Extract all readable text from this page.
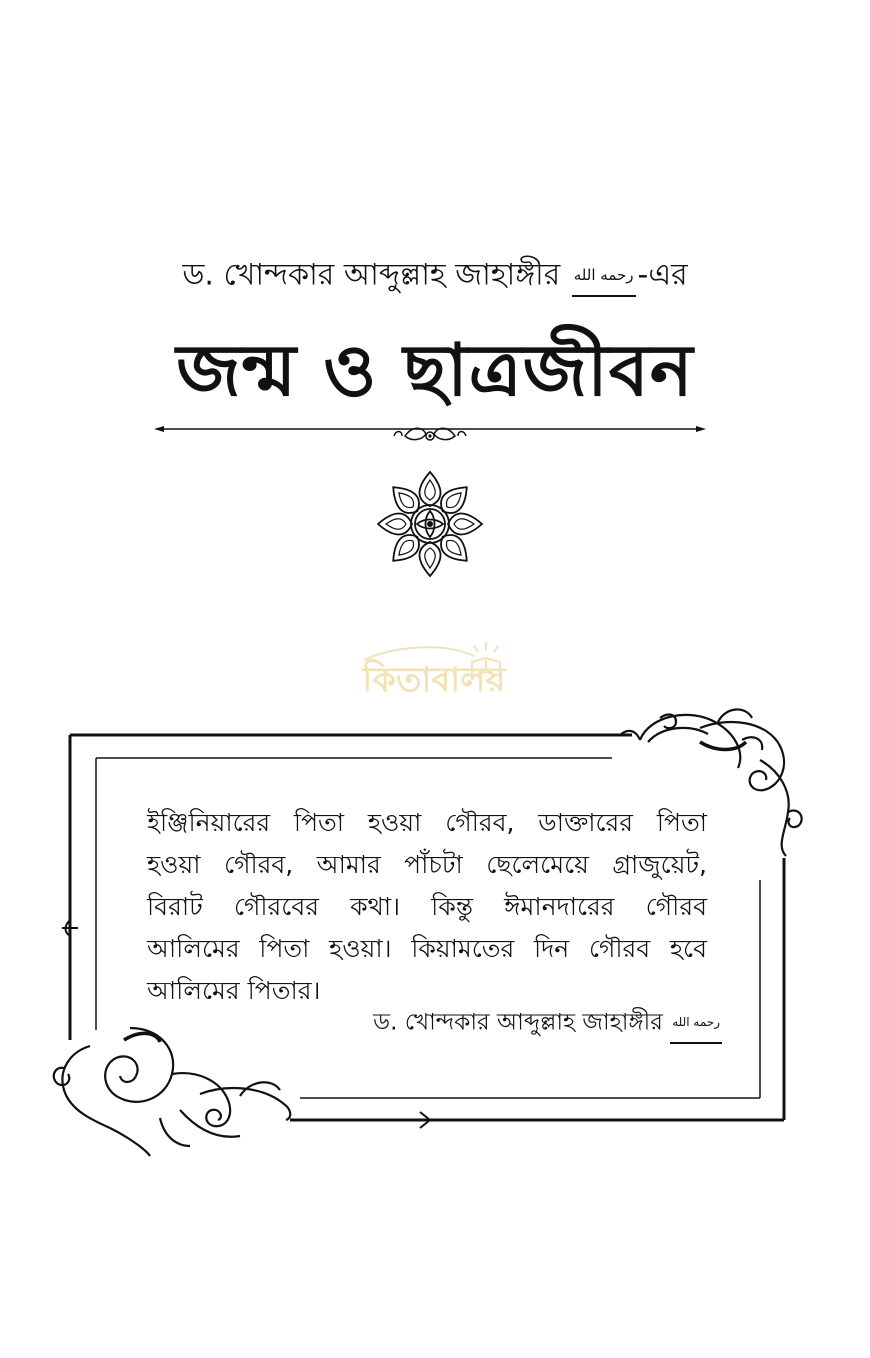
ড. খোন্দকার আব্দুল্লাহ জাহাঙ্গীর رحمه الله -এর
জন্ম ও ছাত্রজীবন
কিতাবালয়
ইঞ্জিনিয়ারের পিতা হওয়া গৌরব, ডাক্তারের পিতা
হওয়া গৌরব, আমার পাঁচটা ছেলেমেয়ে গ্রাজুয়েট,
বিরাট গৌরবের কথা। কিন্তু ঈমানদারের গৌরব
আলিমের পিতা হওয়া। কিয়ামতের দিন গৌরব হবে
আলিমের পিতার।
ড. খোন্দকার আব্দুল্লাহ জাহাঙ্গীর رحمه الله
